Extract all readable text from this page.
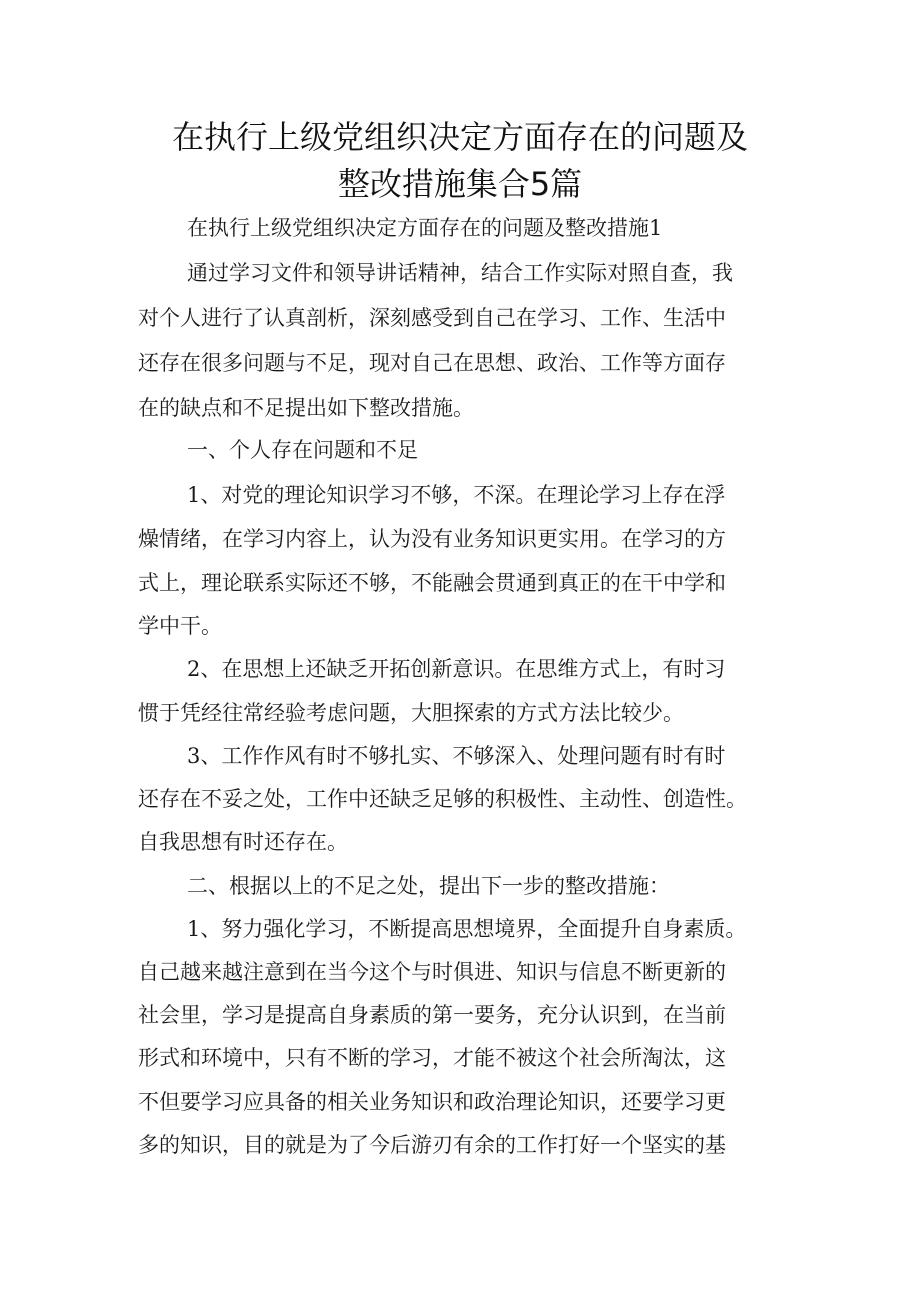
在执行上级党组织决定方面存在的问题及
整改措施集合5篇
在执行上级党组织决定方面存在的问题及整改措施1
通过学习文件和领导讲话精神，结合工作实际对照自查，我
对个人进行了认真剖析，深刻感受到自己在学习、工作、生活中
还存在很多问题与不足，现对自己在思想、政治、工作等方面存
在的缺点和不足提出如下整改措施。
一、个人存在问题和不足
1、对党的理论知识学习不够，不深。在理论学习上存在浮
燥情绪，在学习内容上，认为没有业务知识更实用。在学习的方
式上，理论联系实际还不够，不能融会贯通到真正的在干中学和
学中干。
2、在思想上还缺乏开拓创新意识。在思维方式上，有时习
惯于凭经往常经验考虑问题，大胆探索的方式方法比较少。
3、工作作风有时不够扎实、不够深入、处理问题有时有时
还存在不妥之处，工作中还缺乏足够的积极性、主动性、创造性。
自我思想有时还存在。
二、根据以上的不足之处，提出下一步的整改措施：
1、努力强化学习，不断提高思想境界，全面提升自身素质。
自己越来越注意到在当今这个与时俱进、知识与信息不断更新的
社会里，学习是提高自身素质的第一要务，充分认识到，在当前
形式和环境中，只有不断的学习，才能不被这个社会所淘汰，这
不但要学习应具备的相关业务知识和政治理论知识，还要学习更
多的知识，目的就是为了今后游刃有余的工作打好一个坚实的基
